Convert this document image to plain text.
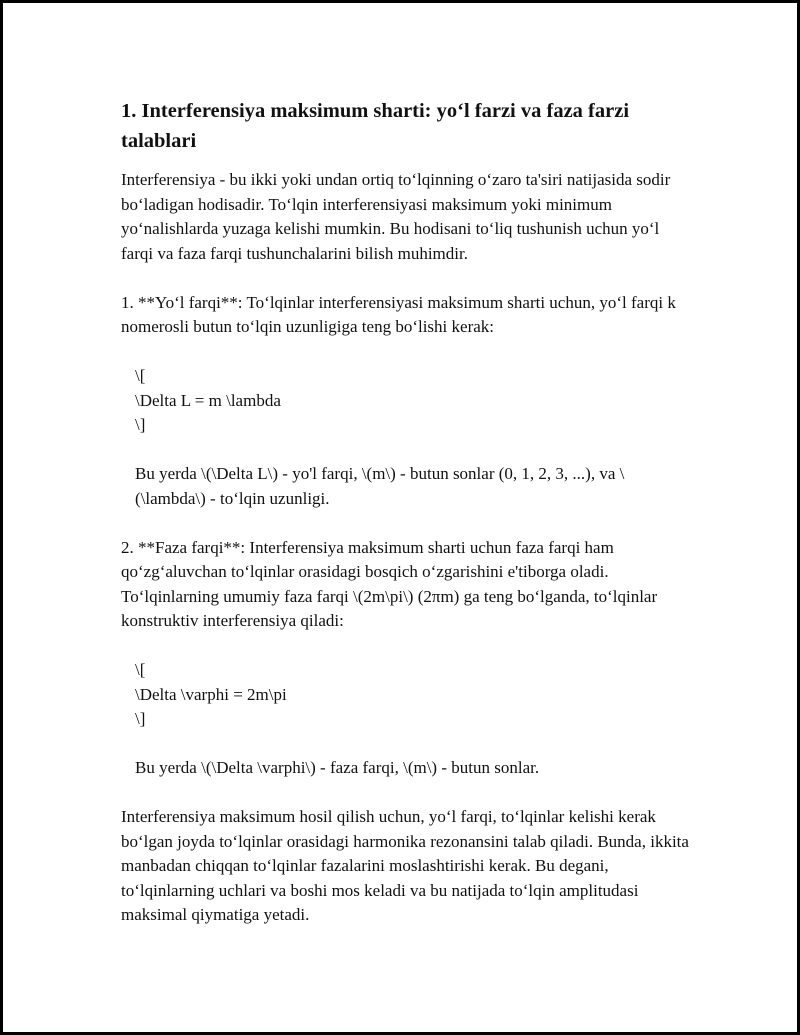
1. Interferensiya maksimum sharti: yo‘l farzi va faza farzi talablari

Interferensiya - bu ikki yoki undan ortiq to‘lqinning o‘zaro ta'siri natijasida sodir bo‘ladigan hodisadir. To‘lqin interferensiyasi maksimum yoki minimum yo‘nalishlarda yuzaga kelishi mumkin. Bu hodisani to‘liq tushunish uchun yo‘l farqi va faza farqi tushunchalarini bilish muhimdir.

1. **Yo‘l farqi**: To‘lqinlar interferensiyasi maksimum sharti uchun, yo‘l farqi k nomerosli butun to‘lqin uzunligiga teng bo‘lishi kerak:

\[

\Delta L = m \lambda

\]

Bu yerda \(\Delta L\) - yo'l farqi, \(m\) - butun sonlar (0, 1, 2, 3, ...), va \(\lambda\) - to‘lqin uzunligi.

2. **Faza farqi**: Interferensiya maksimum sharti uchun faza farqi ham qo‘zg‘aluvchan to‘lqinlar orasidagi bosqich o‘zgarishini e'tiborga oladi. To‘lqinlarning umumiy faza farqi \(2m\pi\) (2πm) ga teng bo‘lganda, to‘lqinlar konstruktiv interferensiya qiladi:

\[

\Delta \varphi = 2m\pi

\]

Bu yerda \(\Delta \varphi\) - faza farqi, \(m\) - butun sonlar.

Interferensiya maksimum hosil qilish uchun, yo‘l farqi, to‘lqinlar kelishi kerak bo‘lgan joyda to‘lqinlar orasidagi harmonika rezonansini talab qiladi. Bunda, ikkita manbadan chiqqan to‘lqinlar fazalarini moslashtirishi kerak. Bu degani, to‘lqinlarning uchlari va boshi mos keladi va bu natijada to‘lqin amplitudasi maksimal qiymatiga yetadi.
